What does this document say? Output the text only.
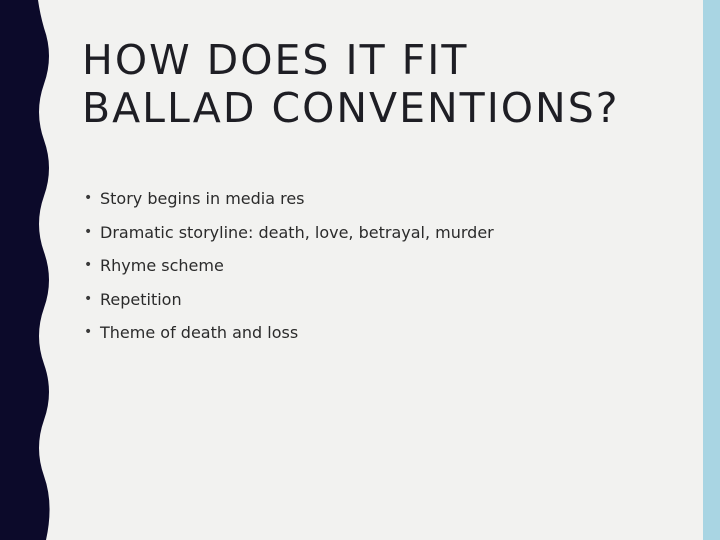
HOW DOES IT FIT
BALLAD CONVENTIONS?
• Story begins in media res
• Dramatic storyline: death, love, betrayal, murder
• Rhyme scheme
• Repetition
• Theme of death and loss
